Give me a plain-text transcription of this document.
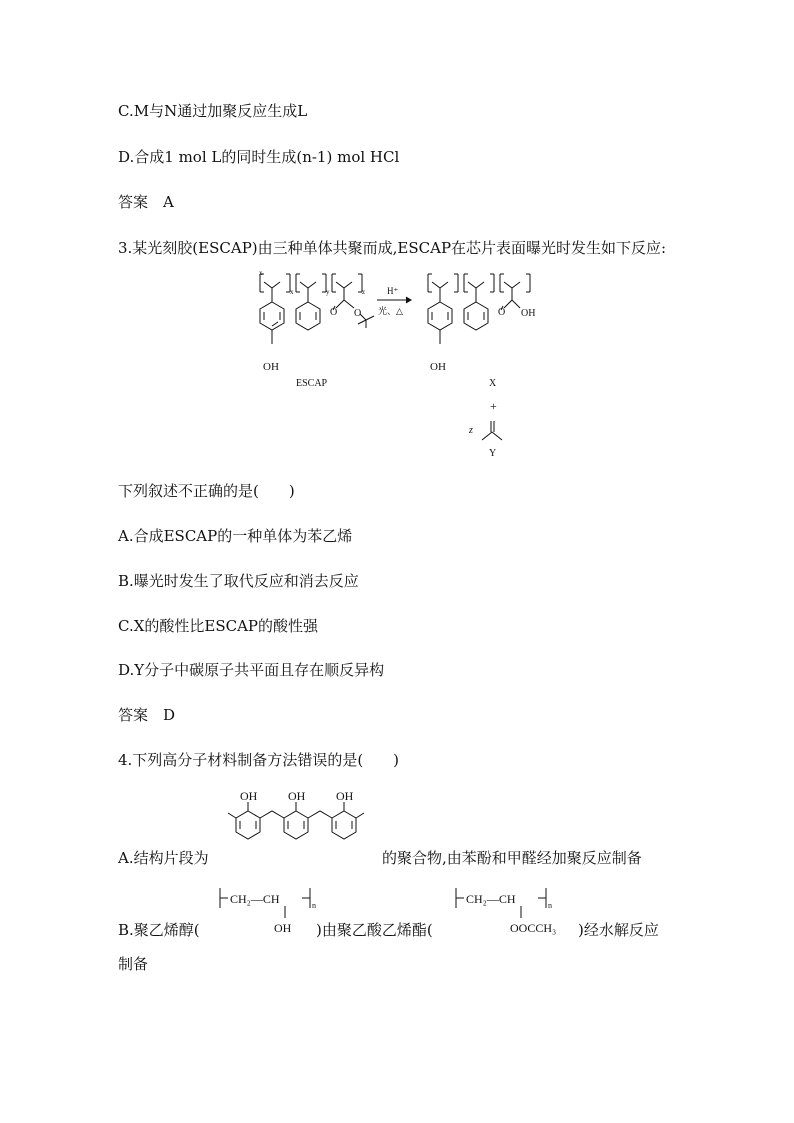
C.M与N通过加聚反应生成L
D.合成1 mol L的同时生成(n-1) mol HCl
答案　A
3.某光刻胶(ESCAP)由三种单体共聚而成,ESCAP在芯片表面曝光时发生如下反应:
x
x	y	z
O O
OH
ESCAP
H⁺
光、△	O OH
OH
X
+
z
Y
下列叙述不正确的是(　　)
A.合成ESCAP的一种单体为苯乙烯
B.曝光时发生了取代反应和消去反应
C.X的酸性比ESCAP的酸性强
D.Y分子中碳原子共平面且存在顺反异构
答案　D
4.下列高分子材料制备方法错误的是(　　)
OH	OH	OH
A.结构片段为	的聚合物,由苯酚和甲醛经加聚反应制备
CH₂—CH	n
OH
CH₂—CH	n
OOCCH₃
B.聚乙烯醇(	)由聚乙酸乙烯酯(	)经水解反应
制备
